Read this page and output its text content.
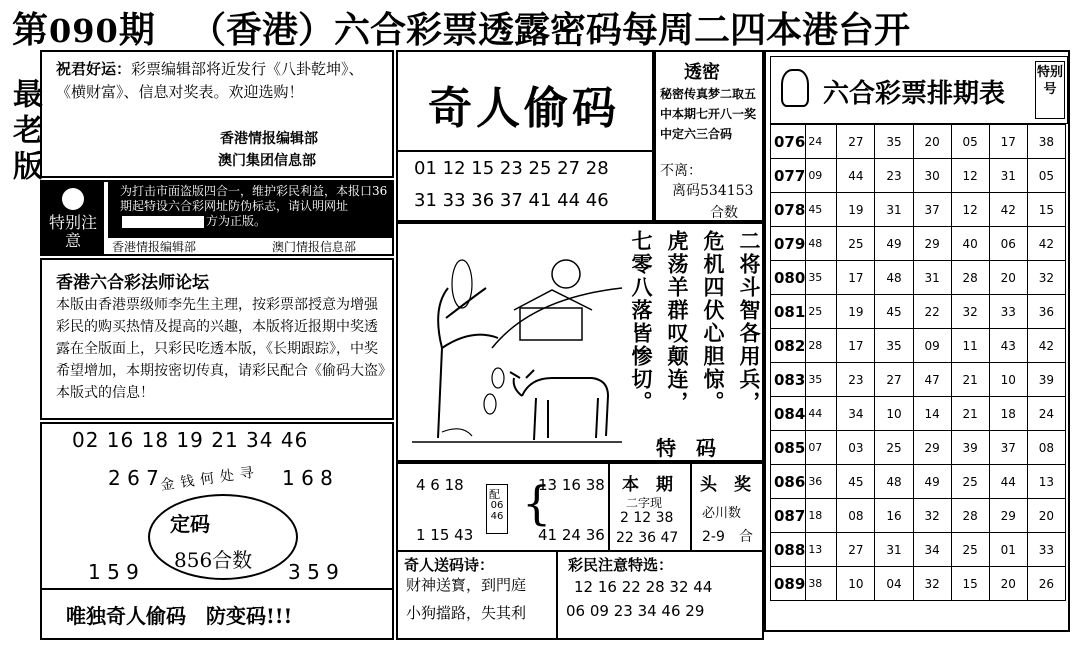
第090期 （香港）六合彩票透露密码每周二四本港台开
最老版
祝君好运：彩票编辑部将近发行《八卦乾坤》、《横财富》、信息对奖表。欢迎选购！
香港情报编辑部
澳门集团信息部
特别注意
为打击市面盗版四合一，维护彩民利益，本报口36期起特设六合彩网址防伪标志，请认明网址方为正版。
香港情报编辑部	澳门情报信息部
香港六合彩法师论坛
本版由香港票级师李先生主理，按彩票部授意为增强彩民的购买热情及提高的兴趣，本版将近报期中奖透露在全版面上，只彩民吃透本版，《长期跟踪》，中奖希望增加，本期按密切传真，请彩民配合《偷码大盗》本版式的信息！
02 16 18 19 21 34 46
2 6 7	1 6 8
金钱何处寻
定码
856合数
1 5 9	3 5 9
唯独奇人偷码　防变码!!!
奇人偷码
01 12 15 23 25 27 28
31 33 36 37 41 44 46
透密
秘密传真梦二取五中本期七开八一奖中定六三合码
不离：
离码534153
合数
二将斗智各用兵，
危机四伏心胆惊。
虎荡羊群叹颠连，
七零八落皆惨切。
特　码
4 6 18
1 15 43
配
06 46 {
13 16 38
41 24 36
本　期
二字现
2 12 38
22 36 47
头　奖
必川数
2-9　合
奇人送码诗：
财神送寳，到門庭
小狗擋路，失其利
彩民注意特选：
12 16 22 28 32 44
06 09 23 34 46 29
六合彩票排期表
特别号
076	24	27	35	20	05	17	38
077	09	44	23	30	12	31	05
078	45	19	31	37	12	42	15
079	48	25	49	29	40	06	42
080	35	17	48	31	28	20	32
081	25	19	45	22	32	33	36
082	28	17	35	09	11	43	42
083	35	23	27	47	21	10	39
084	44	34	10	14	21	18	24
085	07	03	25	29	39	37	08
086	36	45	48	49	25	44	13
087	18	08	16	32	28	29	20
088	13	27	31	34	25	01	33
089	38	10	04	32	15	20	26
